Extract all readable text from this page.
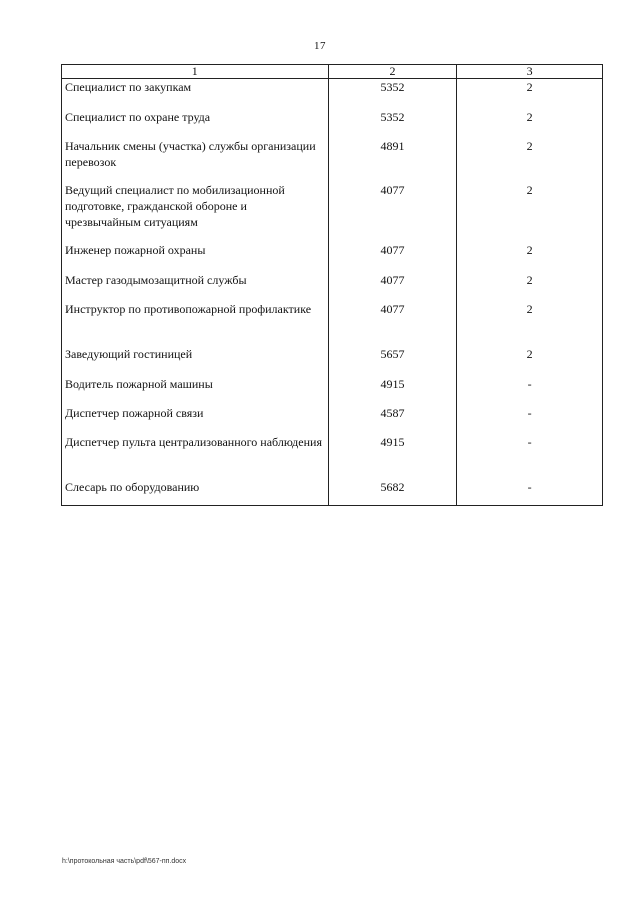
17
1	2	3
Специалист по закупкам	5352	2
Специалист по охране труда	5352	2
Начальник смены (участка) службы организации перевозок	4891	2
Ведущий специалист по мобилизационной подготовке, гражданской обороне и чрезвычайным ситуациям	4077	2
Инженер пожарной охраны	4077	2
Мастер газодымозащитной службы	4077	2
Инструктор по противопожарной профилактике	4077	2
Заведующий гостиницей	5657	2
Водитель пожарной машины	4915	-
Диспетчер пожарной связи	4587	-
Диспетчер пульта централизованного наблюдения	4915	-
Слесарь по оборудованию	5682	-
h:\протокольная часть\pdf\567-пп.docx
